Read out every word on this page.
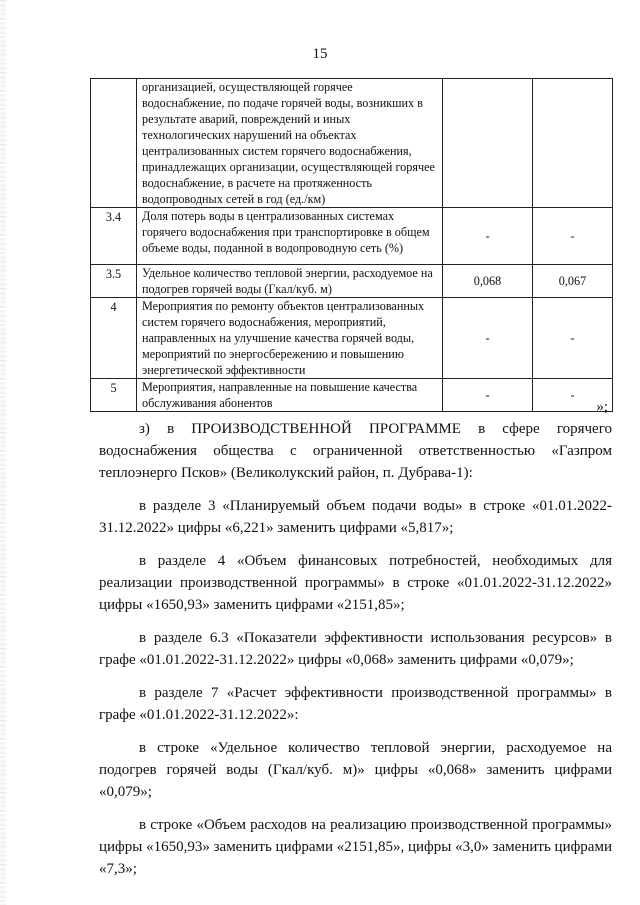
15
	организацией, осуществляющей горячее водоснабжение, по подаче горячей воды, возникших в результате аварий, повреждений и иных технологических нарушений на объектах централизованных систем горячего водоснабжения, принадлежащих организации, осуществляющей горячее водоснабжение, в расчете на протяженность водопроводных сетей в год (ед./км)		
3.4	Доля потерь воды в централизованных системах горячего водоснабжения при транспортировке в общем объеме воды, поданной в водопроводную сеть (%)	-	-
3.5	Удельное количество тепловой энергии, расходуемое на подогрев горячей воды (Гкал/куб. м)	0,068	0,067
4	Мероприятия по ремонту объектов централизованных систем горячего водоснабжения, мероприятий, направленных на улучшение качества горячей воды, мероприятий по энергосбережению и повышению энергетической эффективности	-	-
5	Мероприятия, направленные на повышение качества обслуживания абонентов	-	-
»;

з) в ПРОИЗВОДСТВЕННОЙ ПРОГРАММЕ в сфере горячего водоснабжения общества с ограниченной ответственностью «Газпром теплоэнерго Псков» (Великолукский район, п. Дубрава-1):

в разделе 3 «Планируемый объем подачи воды» в строке «01.01.2022-31.12.2022» цифры «6,221» заменить цифрами «5,817»;

в разделе 4 «Объем финансовых потребностей, необходимых для реализации производственной программы» в строке «01.01.2022-31.12.2022» цифры «1650,93» заменить цифрами «2151,85»;

в разделе 6.3 «Показатели эффективности использования ресурсов» в графе «01.01.2022-31.12.2022» цифры «0,068» заменить цифрами «0,079»;

в разделе 7 «Расчет эффективности производственной программы» в графе «01.01.2022-31.12.2022»:

в строке «Удельное количество тепловой энергии, расходуемое на подогрев горячей воды (Гкал/куб. м)» цифры «0,068» заменить цифрами «0,079»;

в строке «Объем расходов на реализацию производственной программы» цифры «1650,93» заменить цифрами «2151,85», цифры «3,0» заменить цифрами «7,3»;
